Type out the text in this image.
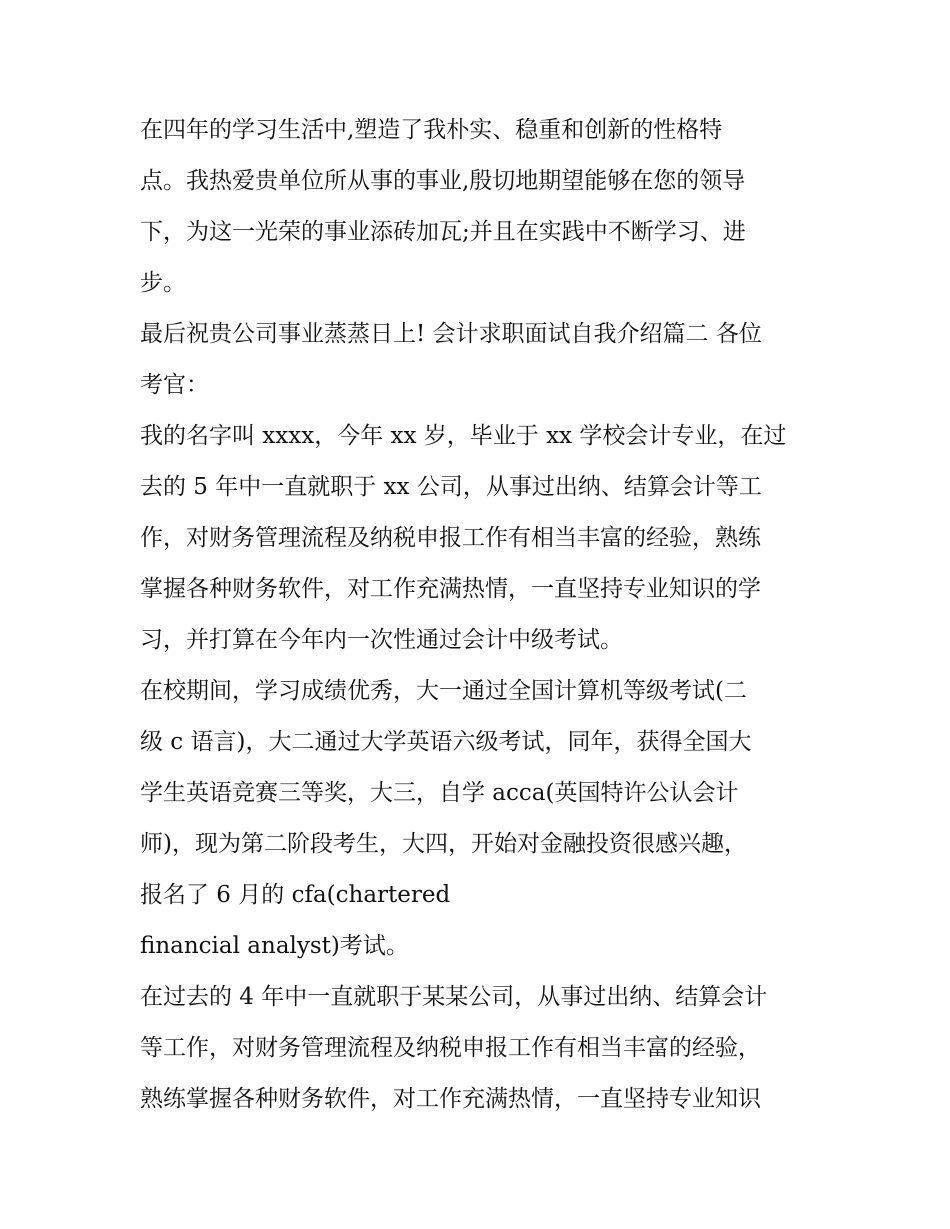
在四年的学习生活中,塑造了我朴实、稳重和创新的性格特
点。我热爱贵单位所从事的事业,殷切地期望能够在您的领导
下，为这一光荣的事业添砖加瓦;并且在实践中不断学习、进
步。
最后祝贵公司事业蒸蒸日上! 会计求职面试自我介绍篇二 各位
考官：
我的名字叫 xxxx，今年 xx 岁，毕业于 xx 学校会计专业，在过
去的 5 年中一直就职于 xx 公司，从事过出纳、结算会计等工
作，对财务管理流程及纳税申报工作有相当丰富的经验，熟练
掌握各种财务软件，对工作充满热情，一直坚持专业知识的学
习，并打算在今年内一次性通过会计中级考试。
在校期间，学习成绩优秀，大一通过全国计算机等级考试(二
级 c 语言)，大二通过大学英语六级考试，同年，获得全国大
学生英语竞赛三等奖，大三，自学 acca(英国特许公认会计
师)，现为第二阶段考生，大四，开始对金融投资很感兴趣，
报名了 6 月的 cfa(chartered
financial analyst)考试。
在过去的 4 年中一直就职于某某公司，从事过出纳、结算会计
等工作，对财务管理流程及纳税申报工作有相当丰富的经验，
熟练掌握各种财务软件，对工作充满热情，一直坚持专业知识
